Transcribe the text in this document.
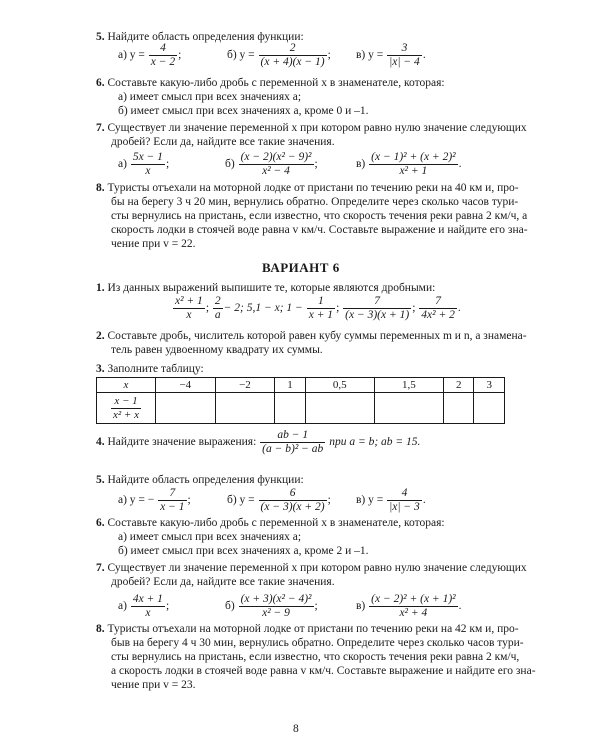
5. Найдите область определения функции:
а) $y = \frac{4}{x - 2}$ ;	б) $y = \frac{2}{(x + 4)(x - 1)}$ ; в) $y = \frac{3}{|x| - 4}$ .
6. Составьте какую-либо дробь с переменной x в знаменателе, которая:
а) имеет смысл при всех значениях a;
б) имеет смысл при всех значениях a, кроме 0 и –1.
7. Существует ли значение переменной x при котором равно нулю значение следующих
дробей? Если да, найдите все такие значения.
$а) \frac{5x - 1}{x}$ ;	$б) \frac{\text{(x − 2)(x² − 9)²}}{\text{x² − 4}}$ ;	$в) \frac{\text{(x − 1)² + (x + 2)²}}{\text{x² + 1}}$ .
8. Туристы отъехали на моторной лодке от пристани по течению реки на 40 км и, про-
бы на берегу 3 ч 20 мин, вернулись обратно. Определите через сколько часов тури-
сты вернулись на пристань, если известно, что скорость течения реки равна 2 км/ч, а
скорость лодки в стоячей воде равна v км/ч. Составьте выражение и найдите его зна-
чение при v = 22.
ВАРИАНТ 6
1. Из данных выражений выпишите те, которые являются дробными:
$\frac{\text{x² + 1}}{x}$ ; $\frac{2}{a} - 2$; 5,1 − x; $1 - \frac{1}{x + 1}$ ; $\frac{7}{(x - 3)(x + 1)}$ ; $\frac{7}{\text{4x² + 2}}$ .
2. Составьте дробь, числитель которой равен кубу суммы переменных m и n, а знамена-
тель равен удвоенному квадрату их суммы.
3. Заполните таблицу:
x	−4	−2	1	0,5	1,5	2	3

$\frac{x - 1}{\text{x² + x}}$

4. Найдите значение выражения: $\frac{ab - 1}{\text{(a − b)² − ab}}$ при a = b; ab = 15.
5. Найдите область определения функции:
а) y = − $\frac{7}{x - 1}$ ;	б) $y = \frac{6}{(x - 3)(x + 2)}$ ; в) $y = \frac{4}{|x| - 3}$ .
6. Составьте какую-либо дробь с переменной x в знаменателе, которая:
а) имеет смысл при всех значениях a;
б) имеет смысл при всех значениях a, кроме 2 и –1.
7. Существует ли значение переменной x при котором равно нулю значение следующих
дробей? Если да, найдите все такие значения.
$а) \frac{4x + 1}{x}$ ;	$б) \frac{\text{(x + 3)(x² − 4)²}}{\text{x² − 9}}$ ;	$в) \frac{\text{(x − 2)² + (x + 1)²}}{\text{x² + 4}}$ .
8. Туристы отъехали на моторной лодке от пристани по течению реки на 42 км и, про-
быв на берегу 4 ч 30 мин, вернулись обратно. Определите через сколько часов тури-
сты вернулись на пристань, если известно, что скорость течения реки равна 2 км/ч,
а скорость лодки в стоячей воде равна v км/ч. Составьте выражение и найдите его зна-
чение при v = 23.
8
